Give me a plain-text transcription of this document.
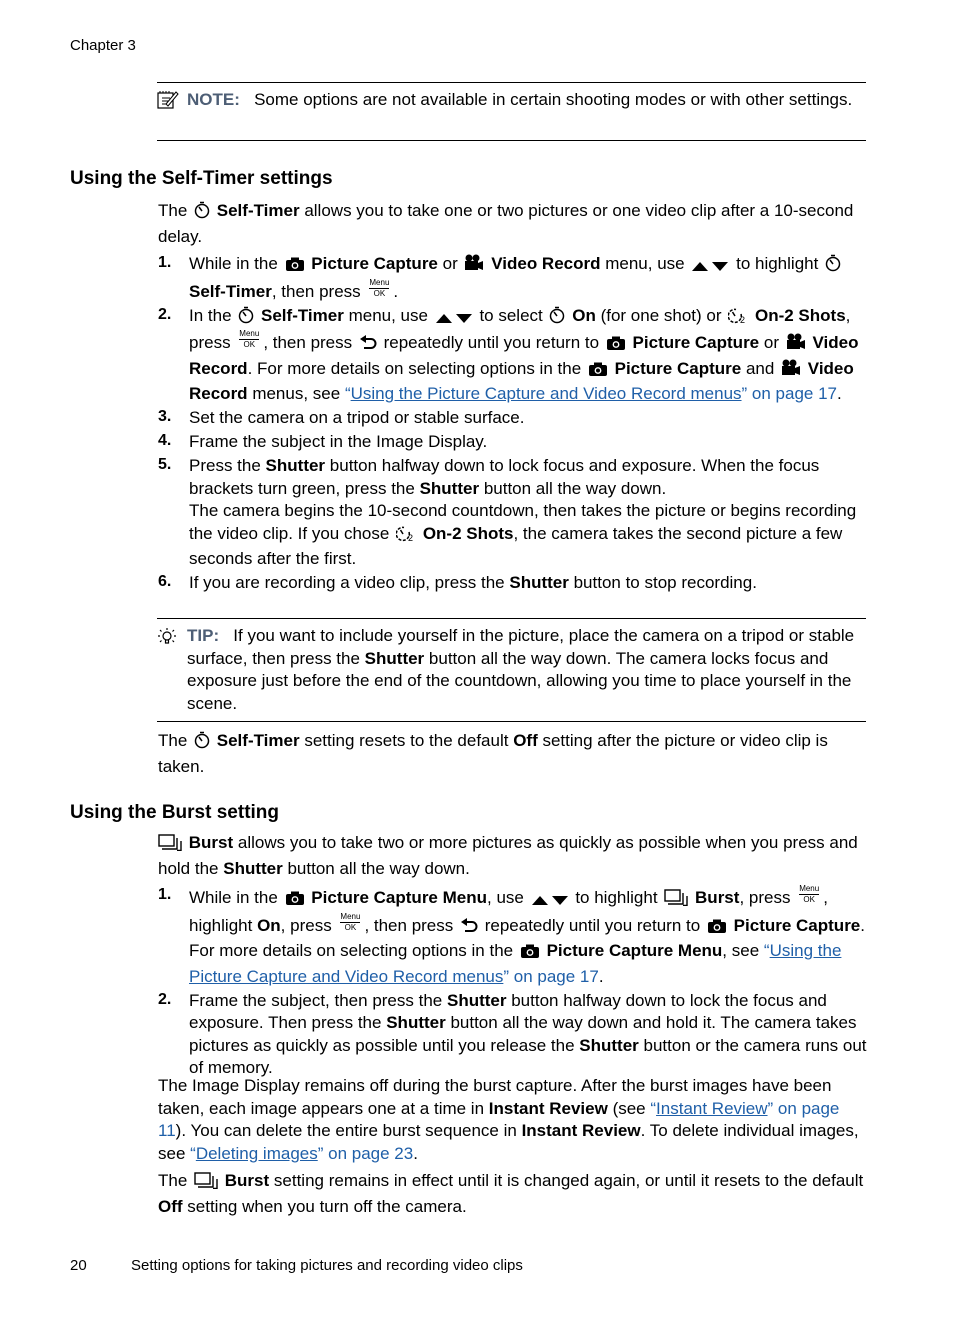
Chapter 3
NOTE: Some options are not available in certain shooting modes or with other settings.
Using the Self-Timer settings
The Self-Timer allows you to take one or two pictures or one video clip after a 10-second delay.
1. While in the Picture Capture or Video Record menu, use	to highlight  Self-Timer, then press	Menu
OK .
2. In the Self-Timer menu, use	to select On (for one shot) or 2 On-2 Shots, press	Menu
OK , then press repeatedly until you return to Picture Capture or Video Record. For more details on selecting options in the Picture Capture and Video Record menus, see “Using the Picture Capture and Video Record menus” on page 17.
3. Set the camera on a tripod or stable surface.
4. Frame the subject in the Image Display.
5. Press the Shutter button halfway down to lock focus and exposure. When the focus brackets turn green, press the Shutter button all the way down.
The camera begins the 10-second countdown, then takes the picture or begins recording the video clip. If you chose 2 On-2 Shots, the camera takes the second picture a few seconds after the first.
6. If you are recording a video clip, press the Shutter button to stop recording.
TIP: If you want to include yourself in the picture, place the camera on a tripod or stable surface, then press the Shutter button all the way down. The camera locks focus and exposure just before the end of the countdown, allowing you time to place yourself in the scene.
The Self-Timer setting resets to the default Off setting after the picture or video clip is taken.
Using the Burst setting
Burst allows you to take two or more pictures as quickly as possible when you press and hold the Shutter button all the way down.
1. While in the Picture Capture Menu, use	to highlight Burst, press	Menu
OK , highlight On, press	Menu
OK , then press repeatedly until you return to Picture Capture. For more details on selecting options in the Picture Capture Menu, see “Using the Picture Capture and Video Record menus” on page 17.
2. Frame the subject, then press the Shutter button halfway down to lock the focus and exposure. Then press the Shutter button all the way down and hold it. The camera takes pictures as quickly as possible until you release the Shutter button or the camera runs out of memory.
The Image Display remains off during the burst capture. After the burst images have been taken, each image appears one at a time in Instant Review (see “Instant Review” on page 11). You can delete the entire burst sequence in Instant Review. To delete individual images, see “Deleting images” on page 23.
The Burst setting remains in effect until it is changed again, or until it resets to the default Off setting when you turn off the camera.
20	Setting options for taking pictures and recording video clips
